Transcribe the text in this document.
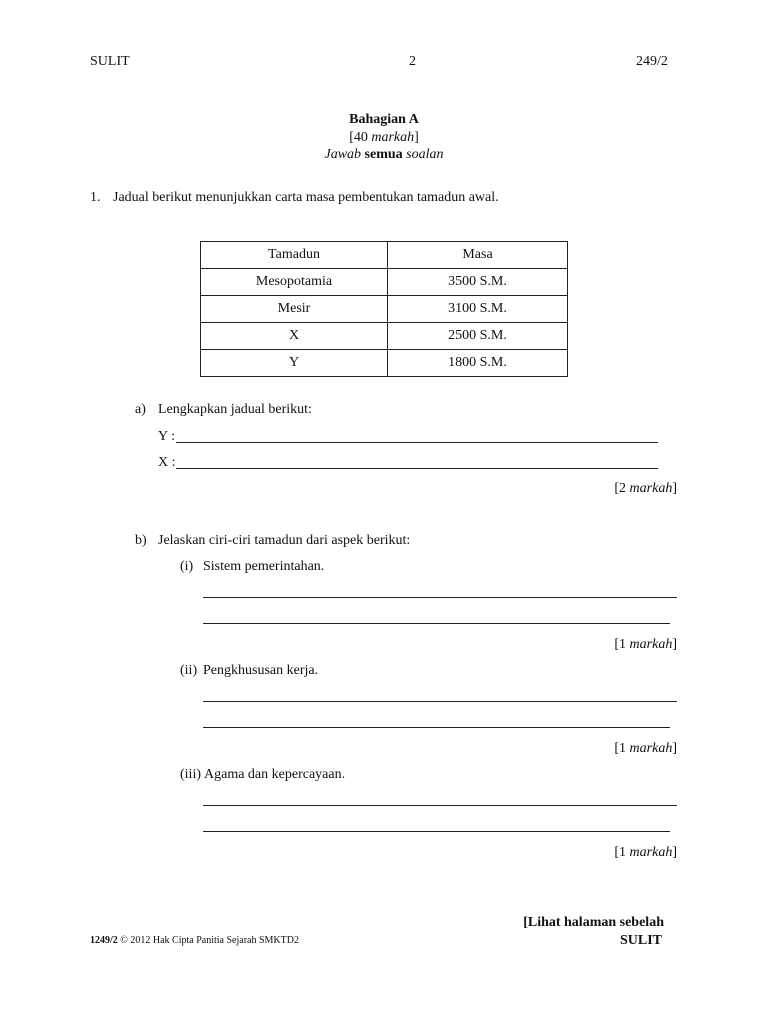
SULIT	2	249/2
Bahagian A
[40 markah]
Jawab semua soalan
1. Jadual berikut menunjukkan carta masa pembentukan tamadun awal.
Tamadun	Masa
Mesopotamia	3500 S.M.
Mesir	3100 S.M.
X	2500 S.M.
Y	1800 S.M.
a) Lengkapkan jadual berikut:
Y :
X :
[2 markah]
b) Jelaskan ciri-ciri tamadun dari aspek berikut:
(i) Sistem pemerintahan.
[1 markah]
(ii) Pengkhususan kerja.
[1 markah]
(iii) Agama dan kepercayaan.
[1 markah]
[Lihat halaman sebelah
1249/2 © 2012 Hak Cipta Panitia Sejarah SMKTD2	SULIT
